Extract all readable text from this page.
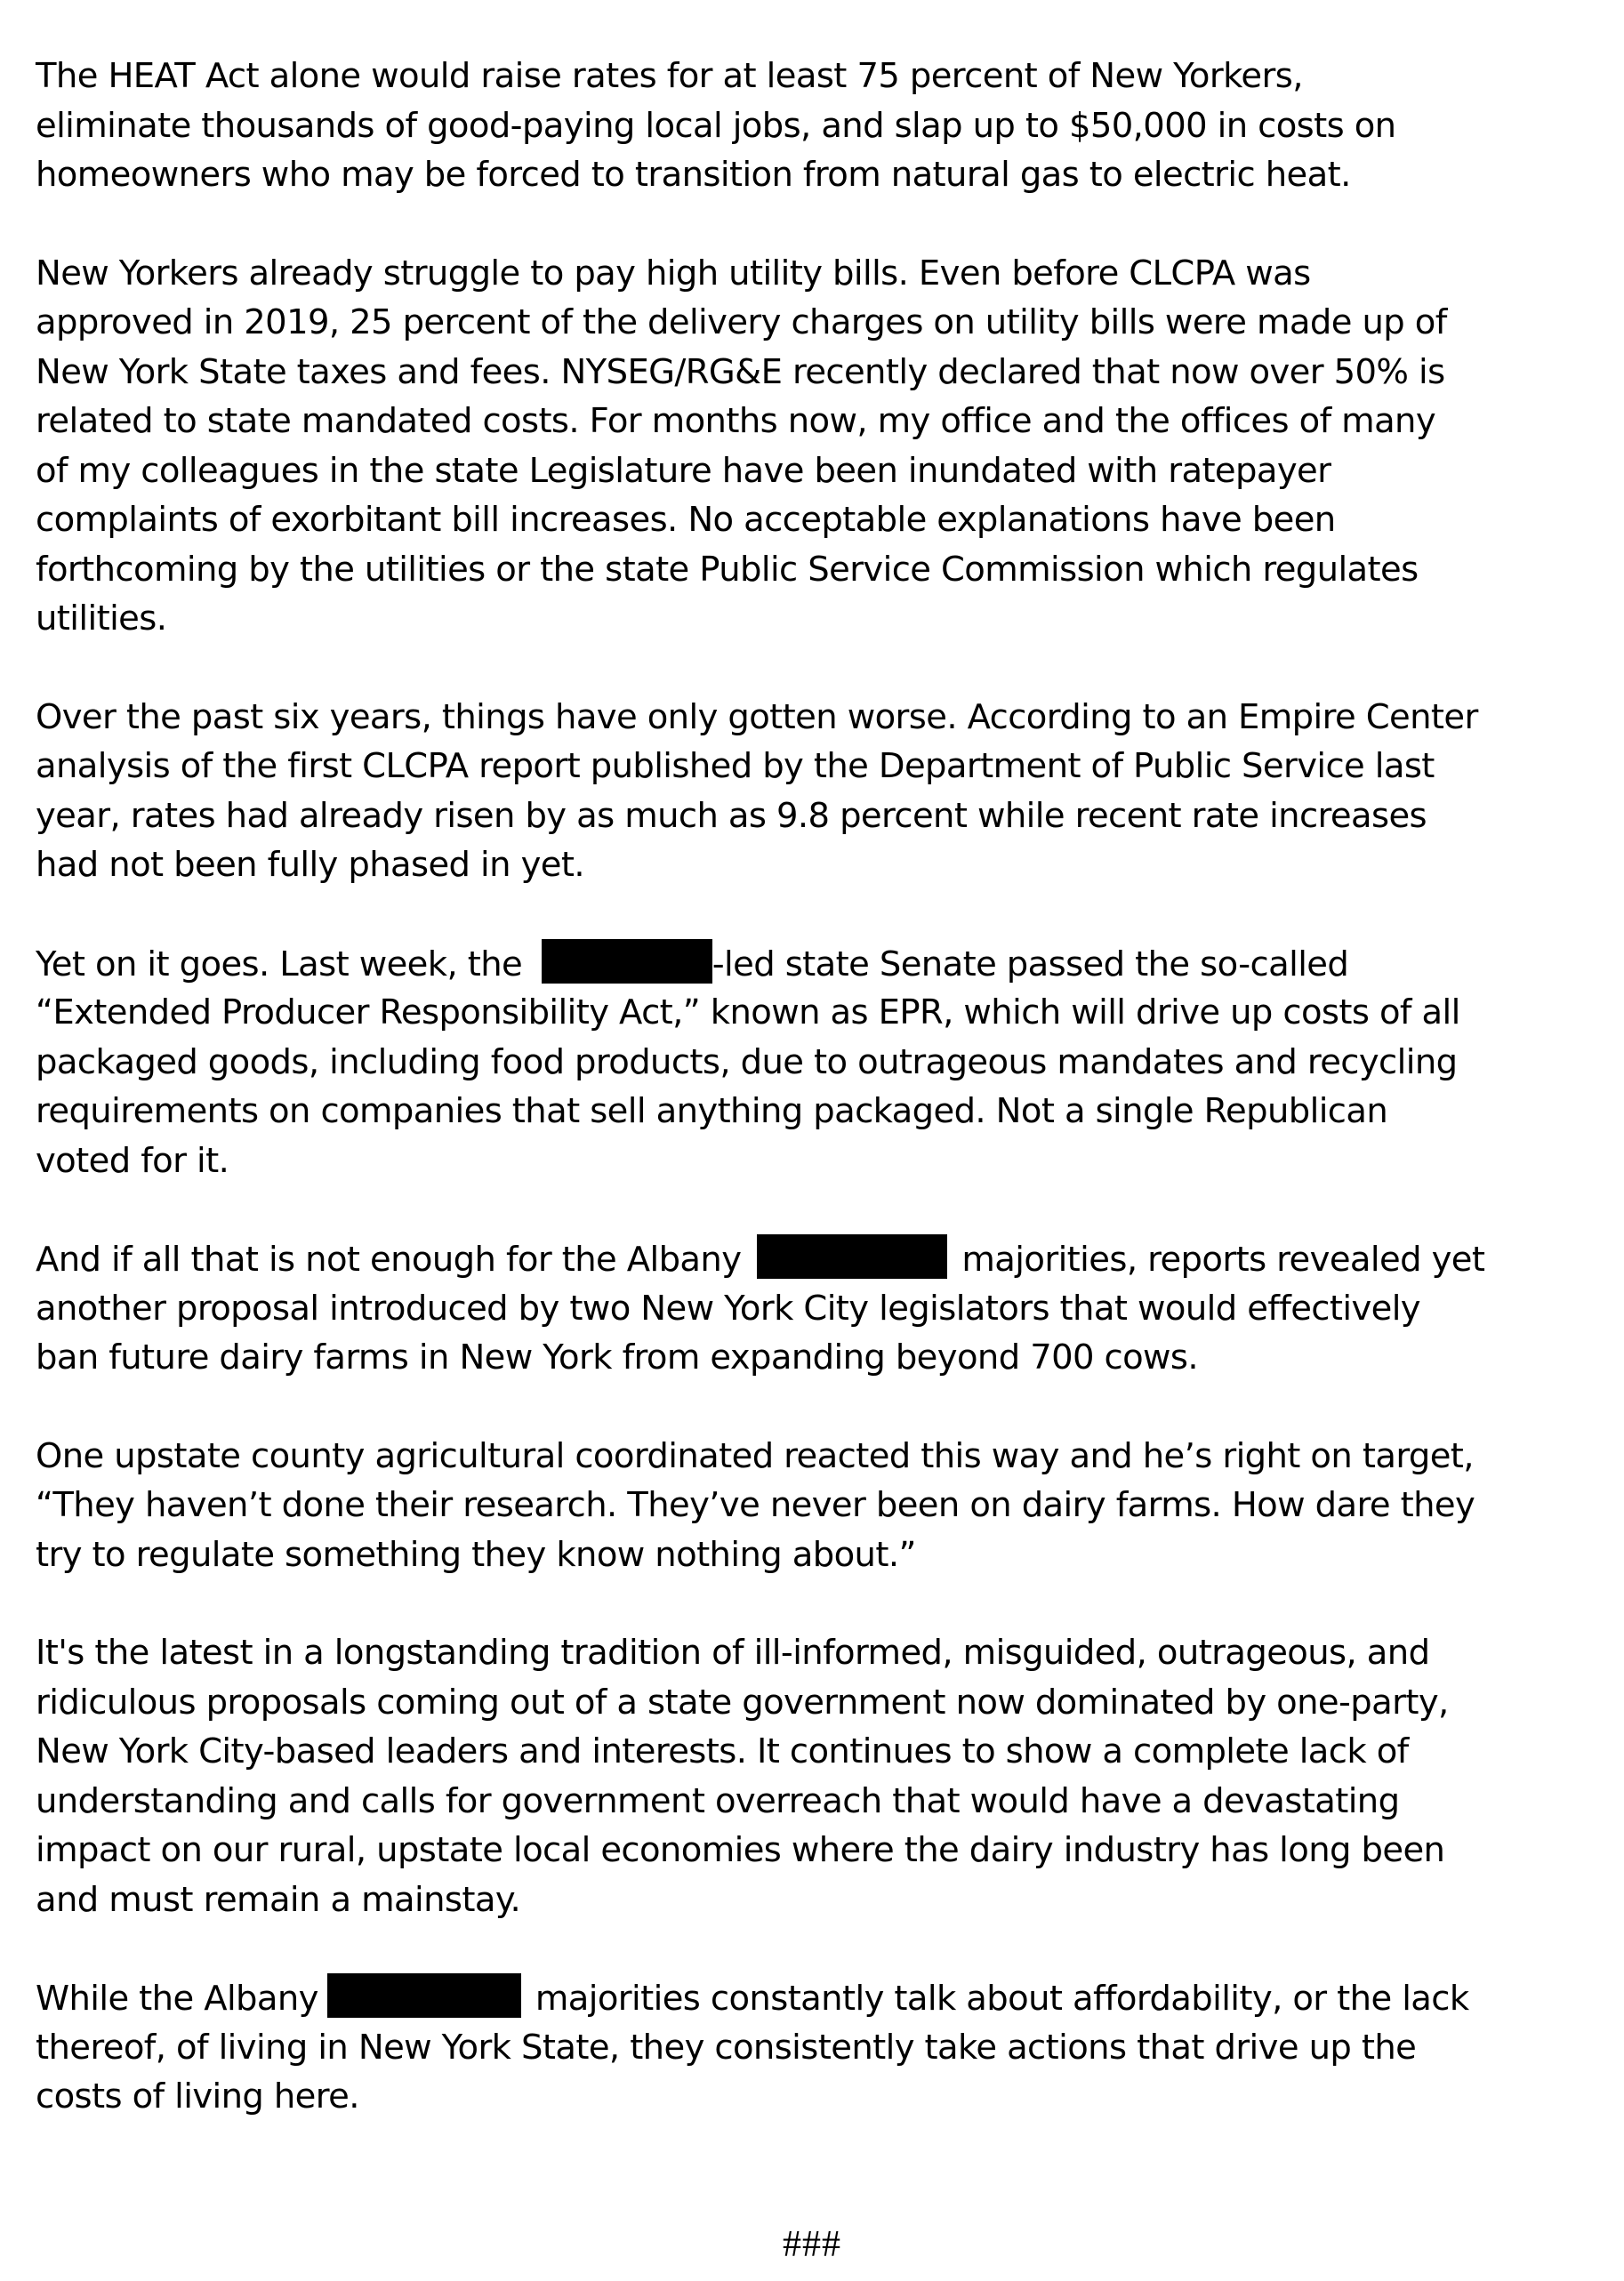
The HEAT Act alone would raise rates for at least 75 percent of New Yorkers,
eliminate thousands of good-paying local jobs, and slap up to $50,000 in costs on
homeowners who may be forced to transition from natural gas to electric heat.
New Yorkers already struggle to pay high utility bills. Even before CLCPA was
approved in 2019, 25 percent of the delivery charges on utility bills were made up of
New York State taxes and fees. NYSEG/RG&E recently declared that now over 50% is
related to state mandated costs. For months now, my office and the offices of many
of my colleagues in the state Legislature have been inundated with ratepayer
complaints of exorbitant bill increases. No acceptable explanations have been
forthcoming by the utilities or the state Public Service Commission which regulates
utilities.
Over the past six years, things have only gotten worse. According to an Empire Center
analysis of the first CLCPA report published by the Department of Public Service last
year, rates had already risen by as much as 9.8 percent while recent rate increases
had not been fully phased in yet.
Yet on it goes. Last week, the	-led state Senate passed the so-called
“Extended Producer Responsibility Act,” known as EPR, which will drive up costs of all
packaged goods, including food products, due to outrageous mandates and recycling
requirements on companies that sell anything packaged. Not a single Republican
voted for it.
And if all that is not enough for the Albany	majorities, reports revealed yet
another proposal introduced by two New York City legislators that would effectively
ban future dairy farms in New York from expanding beyond 700 cows.
One upstate county agricultural coordinated reacted this way and he’s right on target,
“They haven’t done their research. They’ve never been on dairy farms. How dare they
try to regulate something they know nothing about.”
It's the latest in a longstanding tradition of ill-informed, misguided, outrageous, and
ridiculous proposals coming out of a state government now dominated by one-party,
New York City-based leaders and interests. It continues to show a complete lack of
understanding and calls for government overreach that would have a devastating
impact on our rural, upstate local economies where the dairy industry has long been
and must remain a mainstay.
While the Albany	majorities constantly talk about affordability, or the lack
thereof, of living in New York State, they consistently take actions that drive up the
costs of living here.
###
